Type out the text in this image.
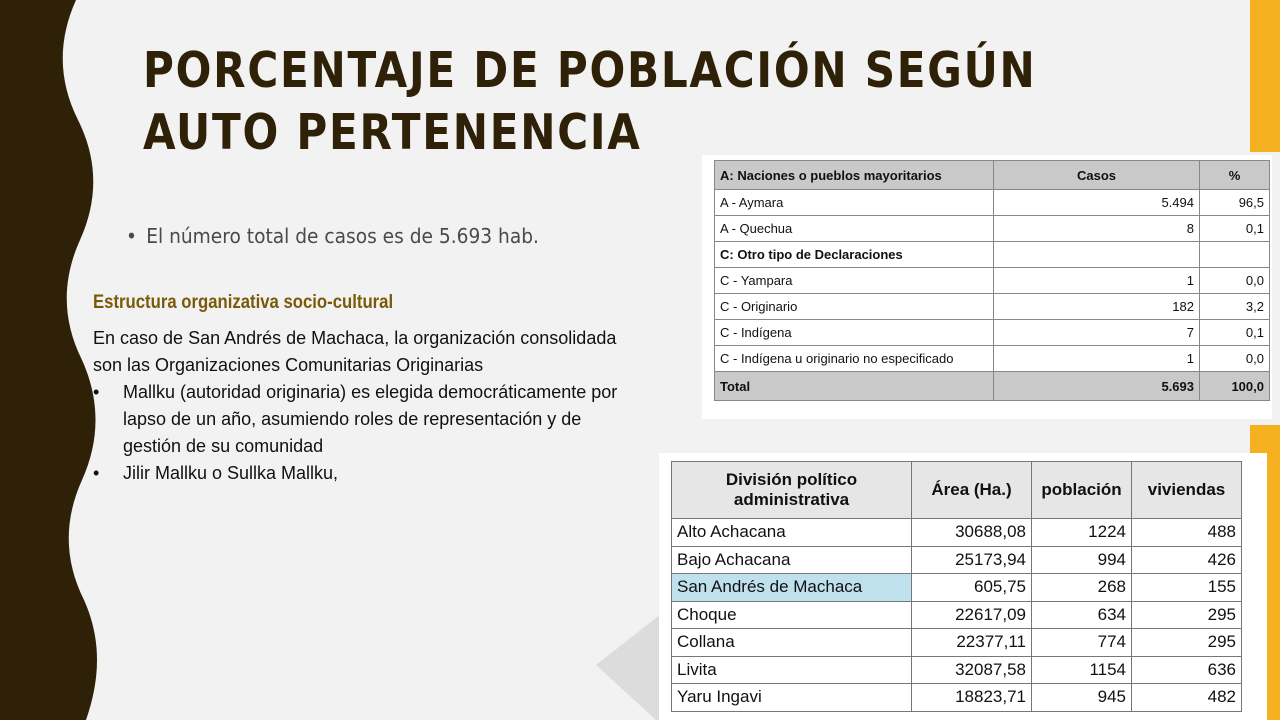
PORCENTAJE DE POBLACIÓN SEGÚN AUTO PERTENENCIA
• El número total de casos es de 5.693 hab.
Estructura organizativa socio-cultural

En caso de San Andrés de Machaca, la organización consolidada son las Organizaciones Comunitarias Originarias

• Mallku (autoridad originaria) es elegida democráticamente por lapso de un año, asumiendo roles de representación y de gestión de su comunidad
• Jilir Mallku o Sullka Mallku,
A: Naciones o pueblos mayoritarios	Casos	%
A - Aymara	5.494	96,5
A - Quechua	8	0,1
C: Otro tipo de Declaraciones		
C - Yampara	1	0,0
C - Originario	182	3,2
C - Indígena	7	0,1
C - Indígena u originario no especificado	1	0,0
Total	5.693	100,0
División político administrativa	Área (Ha.)	población	viviendas
Alto Achacana	30688,08	1224	488
Bajo Achacana	25173,94	994	426
San Andrés de Machaca	605,75	268	155
Choque	22617,09	634	295
Collana	22377,11	774	295
Livita	32087,58	1154	636
Yaru Ingavi	18823,71	945	482
